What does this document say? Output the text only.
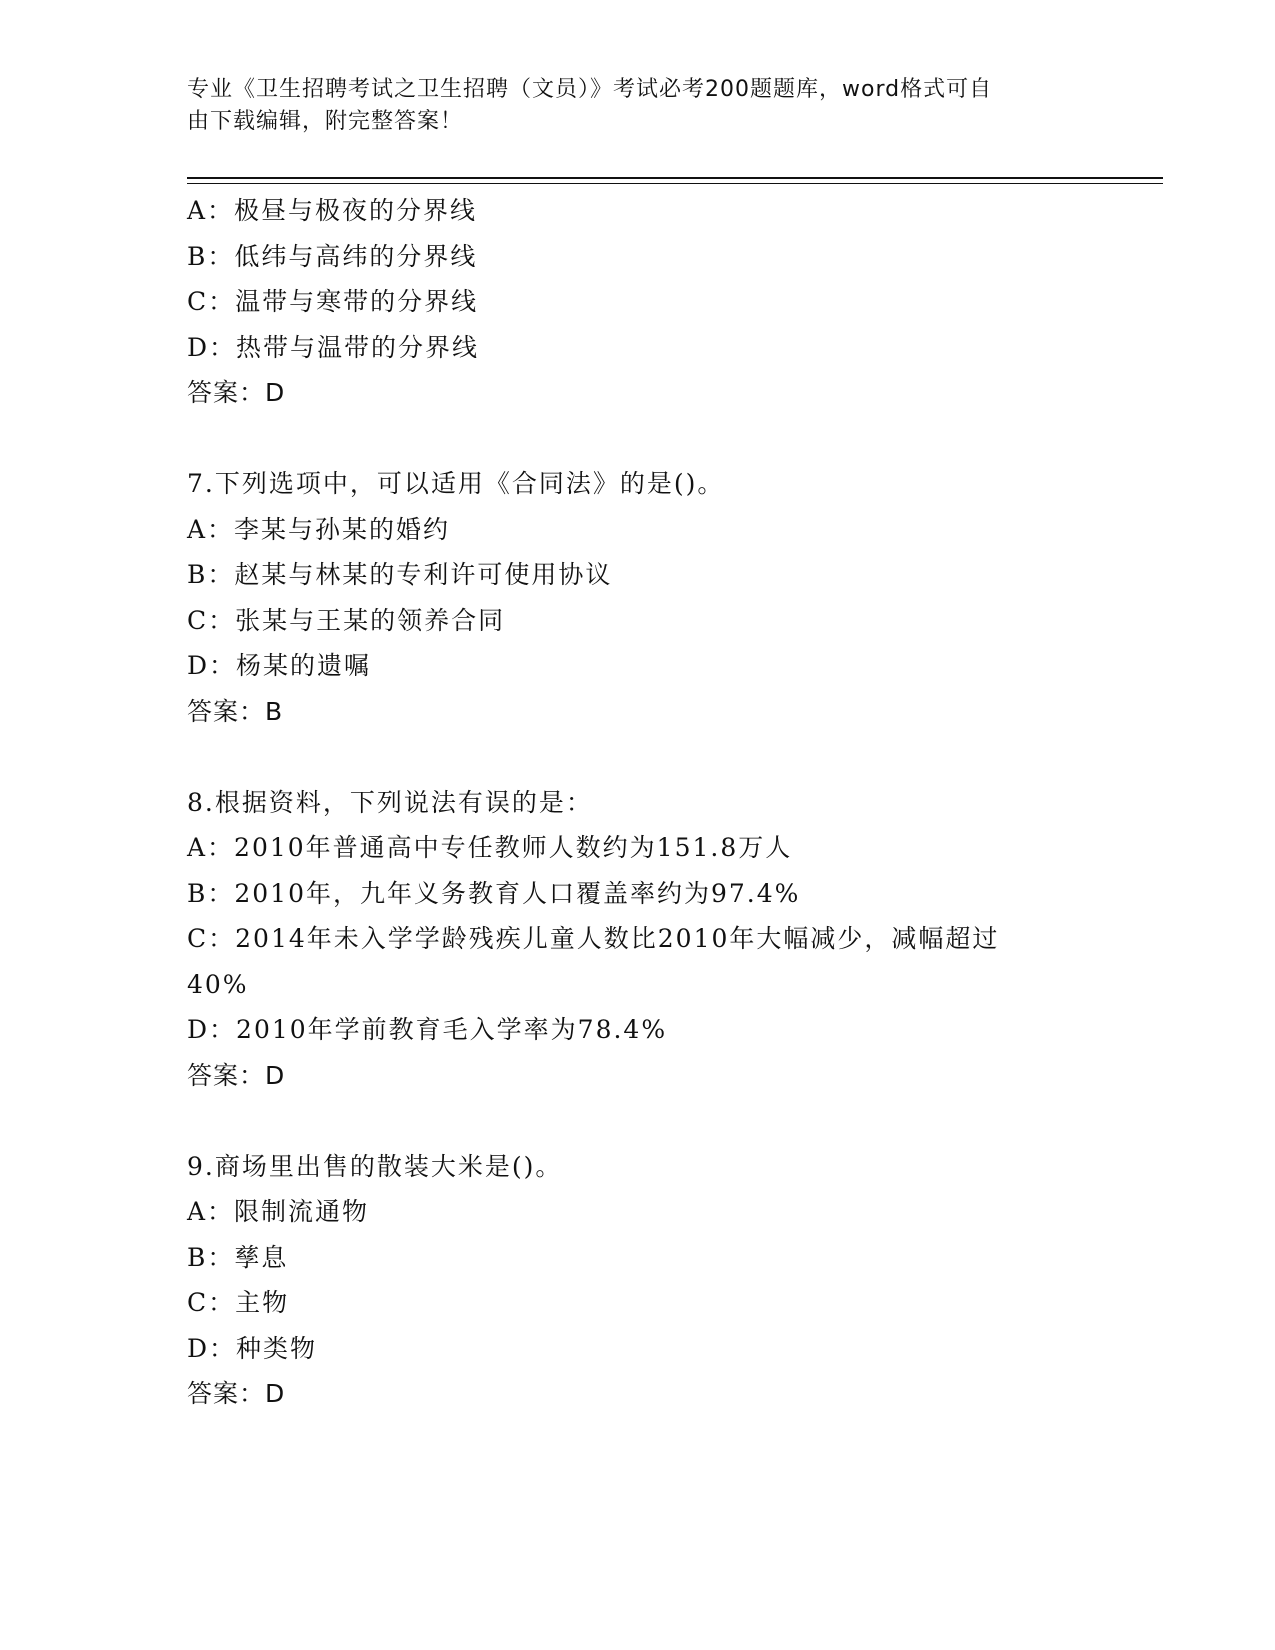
专业《卫生招聘考试之卫生招聘（文员）》考试必考200题题库，word格式可自
由下载编辑，附完整答案！
A：极昼与极夜的分界线
B：低纬与高纬的分界线
C：温带与寒带的分界线
D：热带与温带的分界线
答案：D
7.下列选项中，可以适用《合同法》的是()。
A：李某与孙某的婚约
B：赵某与林某的专利许可使用协议
C：张某与王某的领养合同
D：杨某的遗嘱
答案：B
8.根据资料，下列说法有误的是：
A：2010年普通高中专任教师人数约为151.8万人
B：2010年，九年义务教育人口覆盖率约为97.4%
C：2014年未入学学龄残疾儿童人数比2010年大幅减少，减幅超过40%
D：2010年学前教育毛入学率为78.4%
答案：D
9.商场里出售的散装大米是()。
A：限制流通物
B：孳息
C：主物
D：种类物
答案：D
